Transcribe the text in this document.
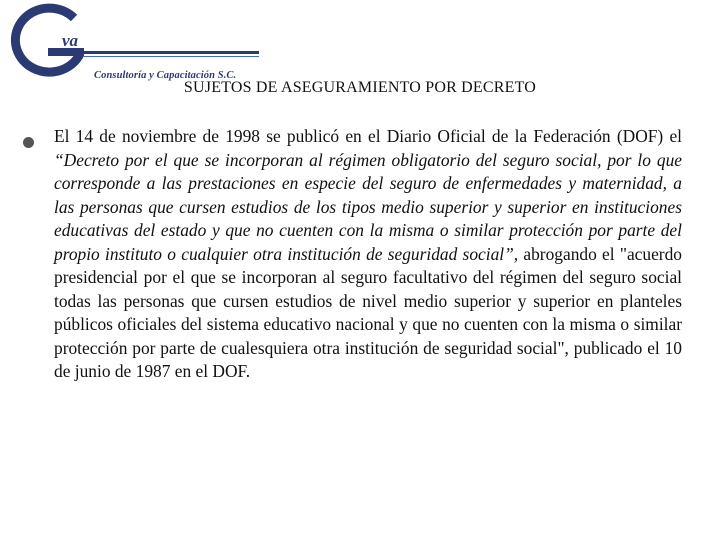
va
Consultoría y Capacitación S.C.
SUJETOS DE ASEGURAMIENTO POR DECRETO
El 14 de noviembre de 1998 se publicó en el Diario Oficial de la Federación (DOF) el “Decreto por el que se incorporan al régimen obligatorio del seguro social, por lo que corresponde a las prestaciones en especie del seguro de enfermedades y maternidad, a las personas que cursen estudios de los tipos medio superior y superior en instituciones educativas del estado y que no cuenten con la misma o similar protección por parte del propio instituto o cualquier otra institución de seguridad social”, abrogando el "acuerdo presidencial por el que se incorporan al seguro facultativo del régimen del seguro social todas las personas que cursen estudios de nivel medio superior y superior en planteles públicos oficiales del sistema educativo nacional y que no cuenten con la misma o similar protección por parte de cualesquiera otra institución de seguridad social", publicado el 10 de junio de 1987 en el DOF.
